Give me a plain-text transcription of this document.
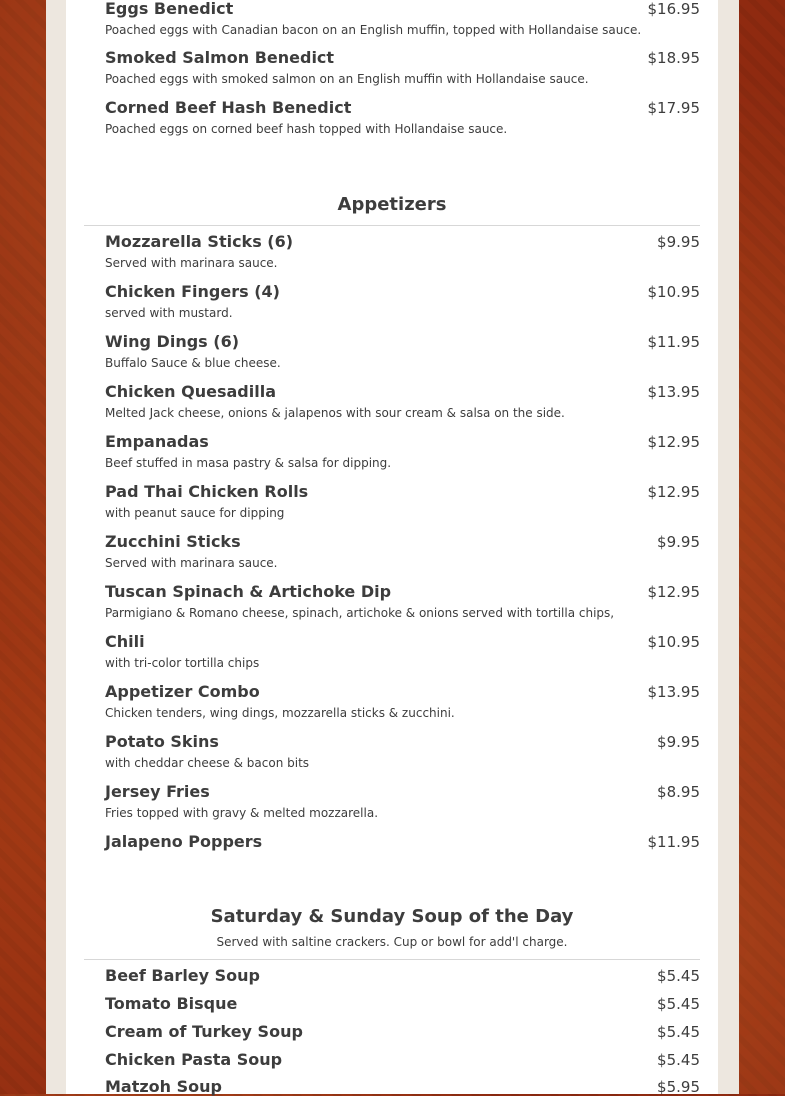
Eggs Benedict	$16.95
Poached eggs with Canadian bacon on an English muffin, topped with Hollandaise sauce.
Smoked Salmon Benedict	$18.95
Poached eggs with smoked salmon on an English muffin with Hollandaise sauce.
Corned Beef Hash Benedict	$17.95
Poached eggs on corned beef hash topped with Hollandaise sauce.
Appetizers
Mozzarella Sticks (6)	$9.95
Served with marinara sauce.
Chicken Fingers (4)	$10.95
served with mustard.
Wing Dings (6)	$11.95
Buffalo Sauce & blue cheese.
Chicken Quesadilla	$13.95
Melted Jack cheese, onions & jalapenos with sour cream & salsa on the side.
Empanadas	$12.95
Beef stuffed in masa pastry & salsa for dipping.
Pad Thai Chicken Rolls	$12.95
with peanut sauce for dipping
Zucchini Sticks	$9.95
Served with marinara sauce.
Tuscan Spinach & Artichoke Dip	$12.95
Parmigiano & Romano cheese, spinach, artichoke & onions served with tortilla chips,
Chili	$10.95
with tri-color tortilla chips
Appetizer Combo	$13.95
Chicken tenders, wing dings, mozzarella sticks & zucchini.
Potato Skins	$9.95
with cheddar cheese & bacon bits
Jersey Fries	$8.95
Fries topped with gravy & melted mozzarella.
Jalapeno Poppers	$11.95
Saturday & Sunday Soup of the Day
Served with saltine crackers. Cup or bowl for add'l charge.
Beef Barley Soup	$5.45
Tomato Bisque	$5.45
Cream of Turkey Soup	$5.45
Chicken Pasta Soup	$5.45
Matzoh Soup	$5.95
